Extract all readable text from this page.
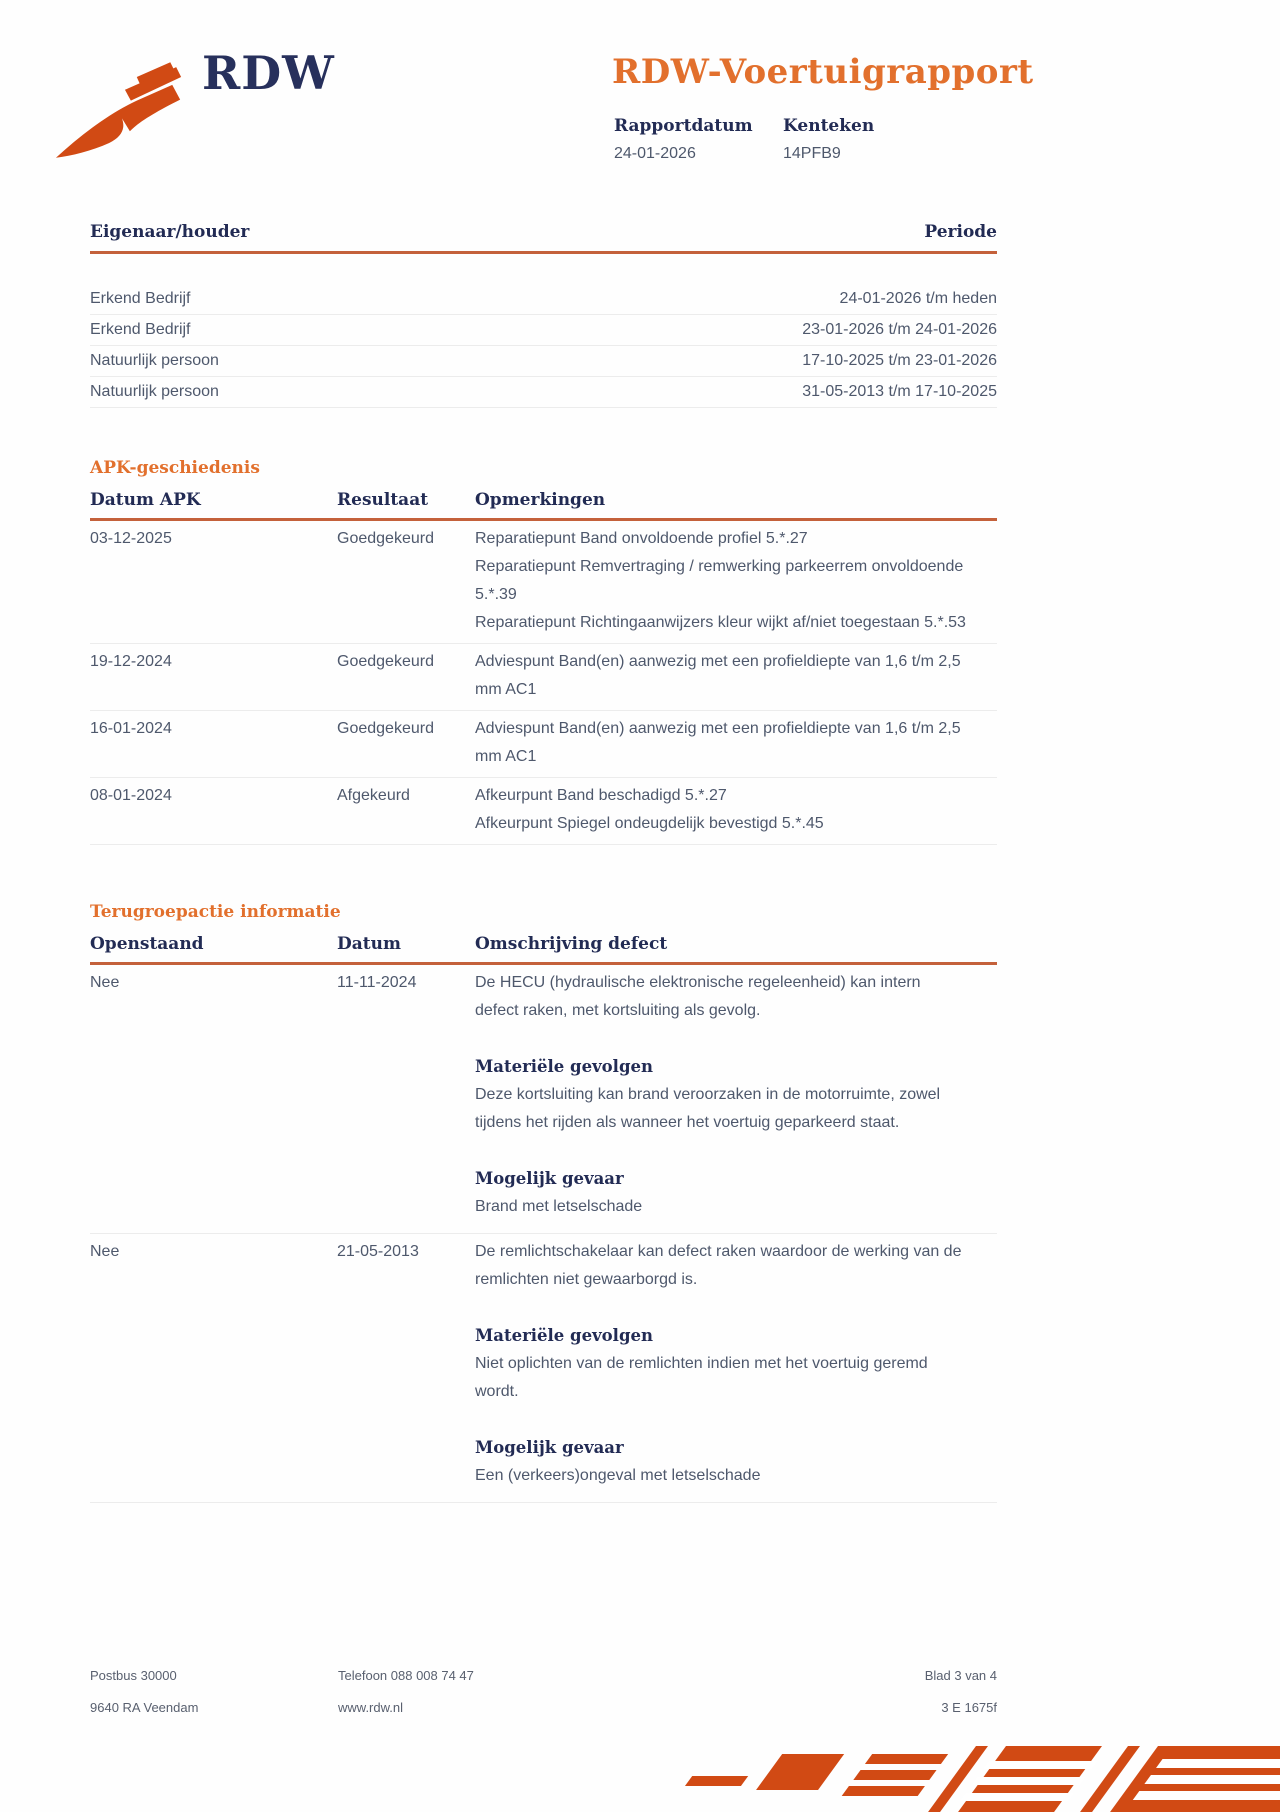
RDW	RDW-Voertuigrapport
Rapportdatum
24-01-2026
Kenteken
14PFB9
Eigenaar/houder	Periode
Erkend Bedrijf	24-01-2026 t/m heden
Erkend Bedrijf	23-01-2026 t/m 24-01-2026
Natuurlijk persoon	17-10-2025 t/m 23-01-2026
Natuurlijk persoon	31-05-2013 t/m 17-10-2025
APK-geschiedenis
Datum APK	Resultaat	Opmerkingen
03-12-2025	Goedgekeurd	Reparatiepunt Band onvoldoende profiel 5.*.27

Reparatiepunt Remvertraging / remwerking parkeerrem onvoldoende 5.*.39

Reparatiepunt Richtingaanwijzers kleur wijkt af/niet toegestaan 5.*.53

19-12-2024	Goedgekeurd	Adviespunt Band(en) aanwezig met een profieldiepte van 1,6 t/m 2,5 mm AC1

16-01-2024	Goedgekeurd	Adviespunt Band(en) aanwezig met een profieldiepte van 1,6 t/m 2,5 mm AC1

08-01-2024	Afgekeurd	Afkeurpunt Band beschadigd 5.*.27

Afkeurpunt Spiegel ondeugdelijk bevestigd 5.*.45

Terugroepactie informatie
Openstaand	Datum	Omschrijving defect
Nee	11-11-2024	De HECU (hydraulische elektronische regeleenheid) kan intern defect raken, met kortsluiting als gevolg.

Materiële gevolgen

Deze kortsluiting kan brand veroorzaken in de motorruimte, zowel tijdens het rijden als wanneer het voertuig geparkeerd staat.

Mogelijk gevaar

Brand met letselschade

Nee	21-05-2013	De remlichtschakelaar kan defect raken waardoor de werking van de remlichten niet gewaarborgd is.

Materiële gevolgen

Niet oplichten van de remlichten indien met het voertuig geremd wordt.

Mogelijk gevaar

Een (verkeers)ongeval met letselschade

Postbus 30000
9640 RA Veendam
Telefoon 088 008 74 47
www.rdw.nl
Blad 3 van 4
3 E 1675f
